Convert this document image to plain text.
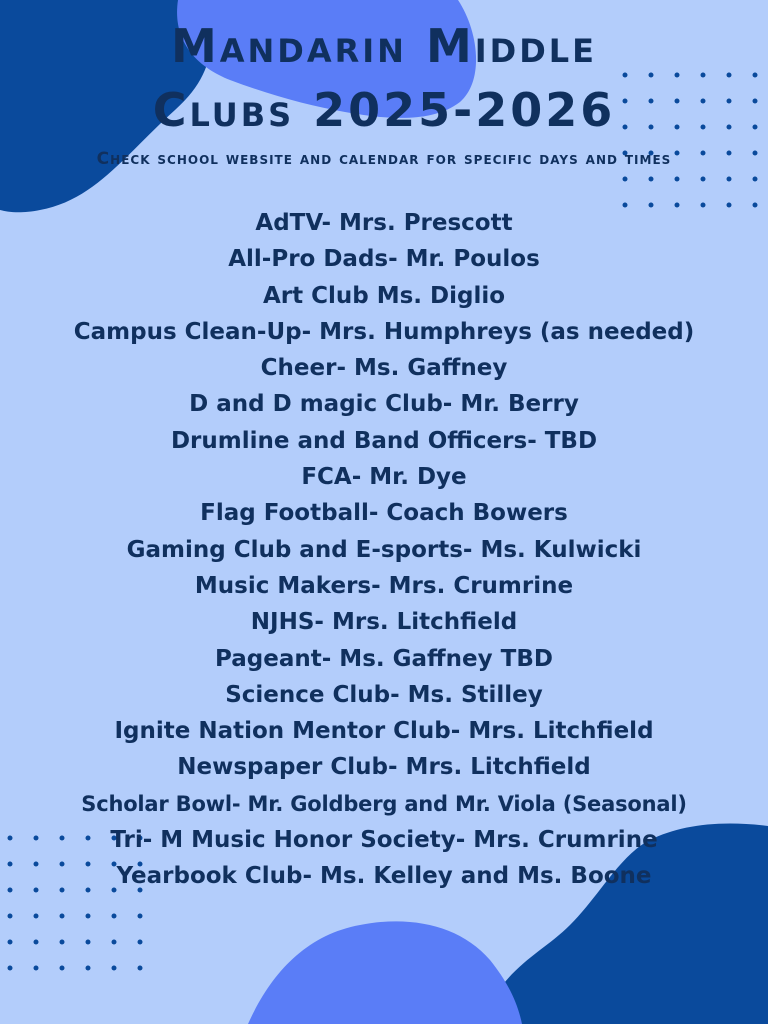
Mandarin Middle
Clubs 2025-2026
Check school website and calendar for specific days and times
AdTV- Mrs. Prescott
All-Pro Dads- Mr. Poulos
Art Club Ms. Diglio
Campus Clean-Up- Mrs. Humphreys (as needed)
Cheer- Ms. Gaffney
D and D magic Club- Mr. Berry
Drumline and Band Officers- TBD
FCA- Mr. Dye
Flag Football- Coach Bowers
Gaming Club and E-sports- Ms. Kulwicki
Music Makers- Mrs. Crumrine
NJHS- Mrs. Litchfield
Pageant- Ms. Gaffney TBD
Science Club- Ms. Stilley
Ignite Nation Mentor Club- Mrs. Litchfield
Newspaper Club- Mrs. Litchfield
Scholar Bowl- Mr. Goldberg and Mr. Viola (Seasonal)
Tri- M Music Honor Society- Mrs. Crumrine
Yearbook Club- Ms. Kelley and Ms. Boone
